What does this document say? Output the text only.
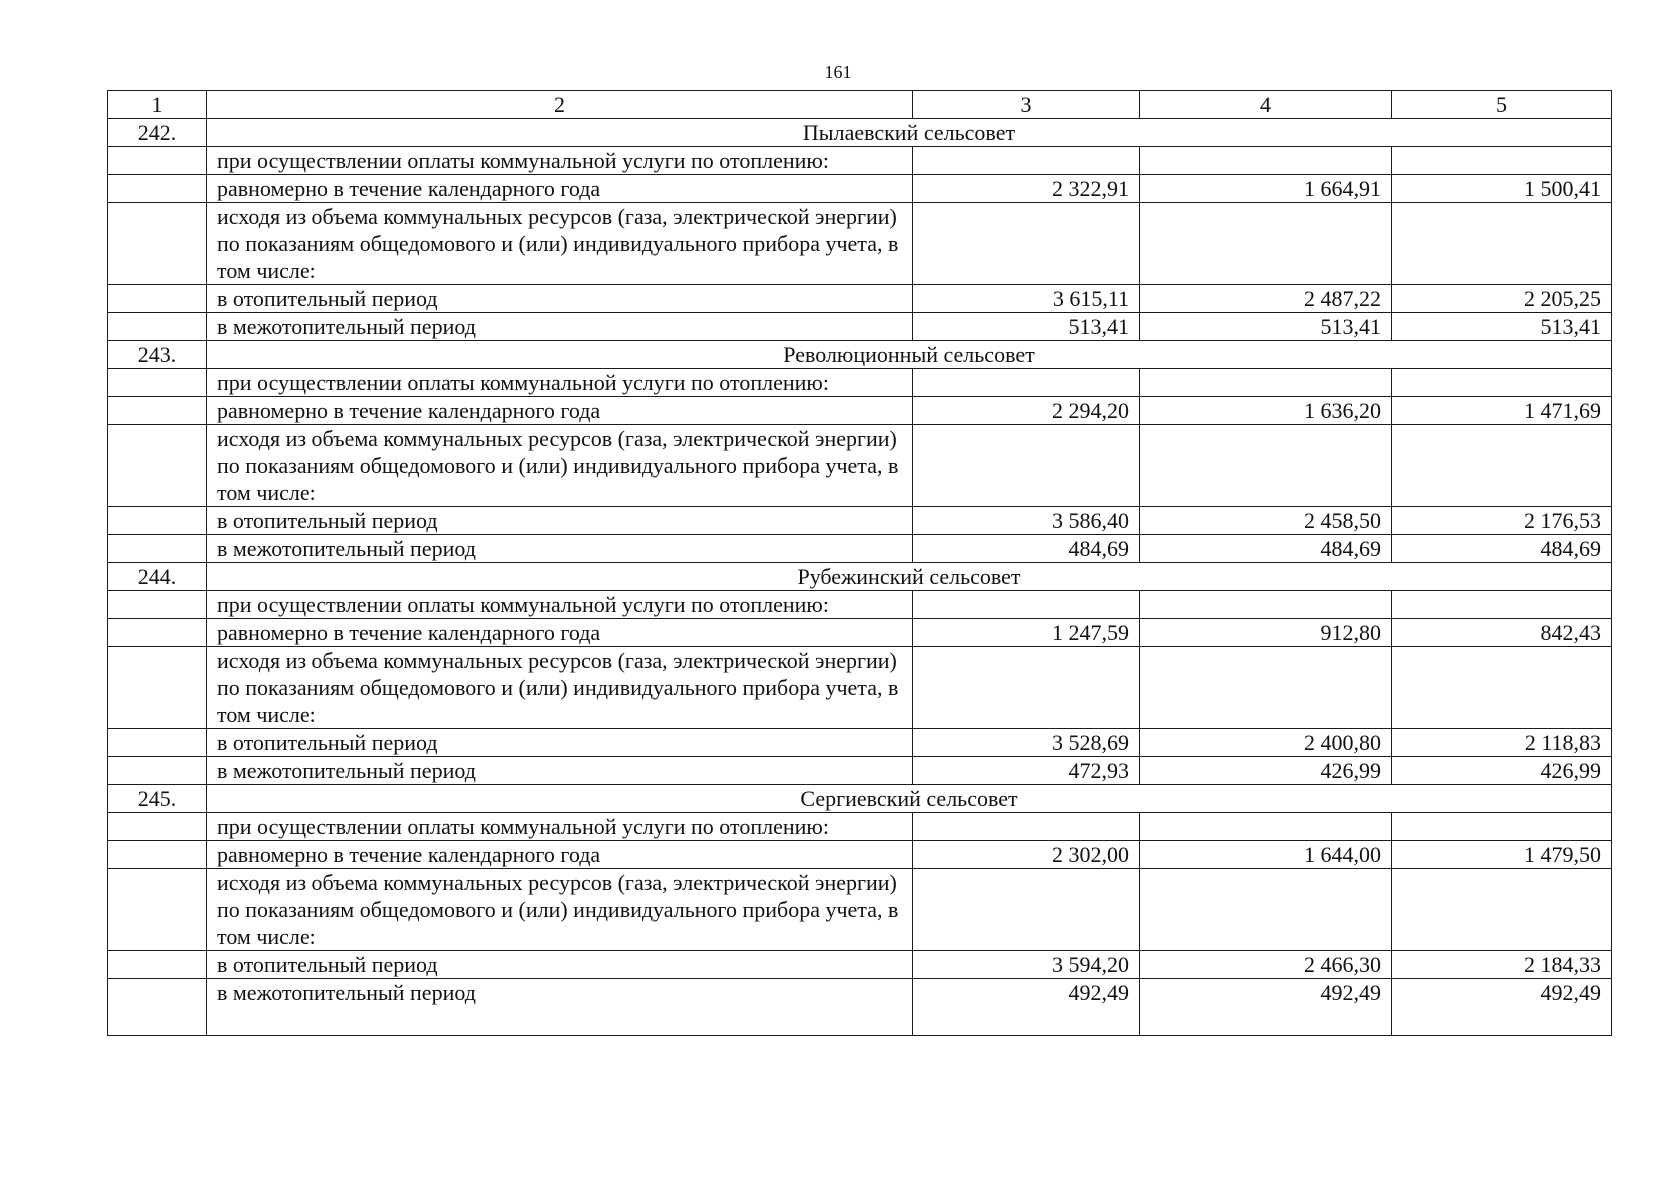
161
1	2	3	4	5
242.	Пылаевский сельсовет			
	при осуществлении оплаты коммунальной услуги по отоплению:			
	равномерно в течение календарного года	2 322,91	1 664,91	1 500,41
	исходя из объема коммунальных ресурсов (газа, электрической энергии) по показаниям общедомового и (или) индивидуального прибора учета, в том числе:			
	в отопительный период	3 615,11	2 487,22	2 205,25
	в межотопительный период	513,41	513,41	513,41
243.	Революционный сельсовет			
	при осуществлении оплаты коммунальной услуги по отоплению:			
	равномерно в течение календарного года	2 294,20	1 636,20	1 471,69
	исходя из объема коммунальных ресурсов (газа, электрической энергии) по показаниям общедомового и (или) индивидуального прибора учета, в том числе:			
	в отопительный период	3 586,40	2 458,50	2 176,53
	в межотопительный период	484,69	484,69	484,69
244.	Рубежинский сельсовет			
	при осуществлении оплаты коммунальной услуги по отоплению:			
	равномерно в течение календарного года	1 247,59	912,80	842,43
	исходя из объема коммунальных ресурсов (газа, электрической энергии) по показаниям общедомового и (или) индивидуального прибора учета, в том числе:			
	в отопительный период	3 528,69	2 400,80	2 118,83
	в межотопительный период	472,93	426,99	426,99
245.	Сергиевский сельсовет			
	при осуществлении оплаты коммунальной услуги по отоплению:			
	равномерно в течение календарного года	2 302,00	1 644,00	1 479,50
	исходя из объема коммунальных ресурсов (газа, электрической энергии) по показаниям общедомового и (или) индивидуального прибора учета, в том числе:			
	в отопительный период	3 594,20	2 466,30	2 184,33
	в межотопительный период	492,49	492,49	492,49
